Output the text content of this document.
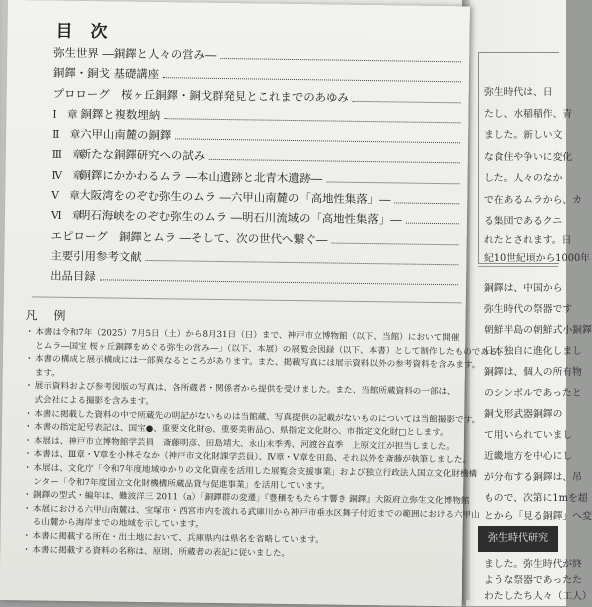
弥生時代は、日
たし、水稲稲作、青
ました。新しい文
な食住や争いに変化
した。人々のなか
で在あるムラから、カ
る集団であるクニ
れたとされます。日
紀10世紀頃から1000年
銅鐸は、中国から
弥生時代の祭器です
朝鮮半島の朝鮮式小銅鐸
日本独自に進化しまし
銅鐸は、個人の所有物
のシンボルであったと
銅戈形武器銅鐸の
て用いられていまし
近畿地方を中心にし
が分布する銅鐸は、吊
もので、次第に1mを超
とから「見る銅鐸」へ変
弥生時代研究
ました。弥生時代が終
ような祭器であったた
わたしたち人々（工人）
目 次
弥生世界 ―銅鐸と人々の営み―
銅鐸・銅戈 基礎講座
プロローグ　桜ヶ丘銅鐸・銅戈群発見とこれまでのあゆみ
Ⅰ　章 銅鐸と複数埋納
Ⅱ　章 六甲山南麓の銅鐸
Ⅲ　章
新たな銅鐸研究への試み
Ⅳ　章
銅鐸にかかわるムラ ―本山遺跡と北青木遺跡―
Ⅴ　章 大阪湾をのぞむ弥生のムラ ―六甲山南麓の「高地性集落」―
Ⅵ　章
明石海峡をのぞむ弥生のムラ ―明石川流域の「高地性集落」―
エピローグ　銅鐸とムラ ―そして、次の世代へ繋ぐ―
主要引用参考文献
出品目録
凡 例
・ 本書は令和7年（2025）7月5日（土）から8月31日（日）まで、神戸市立博物館（以下、当館）において開催
とムラ―国宝 桜ヶ丘銅鐸をめぐる弥生の営み―」（以下、本展）の展覧会図録（以下、本書）として制作したものである。
・ 本書の構成と展示構成には一部異なるところがあります。また、掲載写真には展示資料以外の参考資料を含みます。
ます。
・ 展示資料および参考図版の写真は、各所蔵者・関係者から提供を受けました。また、当館所蔵資料の一部は、
式会社による撮影を含みます。
・ 本書に掲載した資料の中で所蔵先の明記がないものは当館蔵、写真提供の記載がないものについては当館撮影です。
・ 本書の指定記号表記は、国宝●、重要文化財◎、重要美術品○、県指定文化財◇、市指定文化財□とします。
・ 本展は、神戸市立博物館学芸員　斎藤明彦、田島靖大、永山末季秀、河渡谷直季　上原文江が担当しました。
・ 本書は、Ⅲ章・Ⅴ章を小林そなか（神戸市文化財課学芸員）、Ⅳ章・Ⅴ章を田島、それ以外を斎藤が執筆しました。
・ 本展は、文化庁「令和7年度地域ゆかりの文化資産を活用した展覧会支援事業」および独立行政法人国立文化財機構
ンター「令和7年度国立文化財機構所蔵品貸与促進事業」を活用しています。
・ 銅鐸の型式・編年は、難波洋三 2011（a）「銅鐸群の変遷」『豊穣をもたらす響き 銅鐸』大阪府立弥生文化博物館
・ 本展における六甲山南麓は、宝塚市・西宮市内を流れる武庫川から神戸市垂水区舞子付近までの範囲における六甲山
る山麓から海岸までの地域を示しています。
・ 本書に掲載する所在・出土地において、兵庫県内は県名を省略しています。
・ 本書に掲載する資料の名称は、原則、所蔵者の表記に従いました。
